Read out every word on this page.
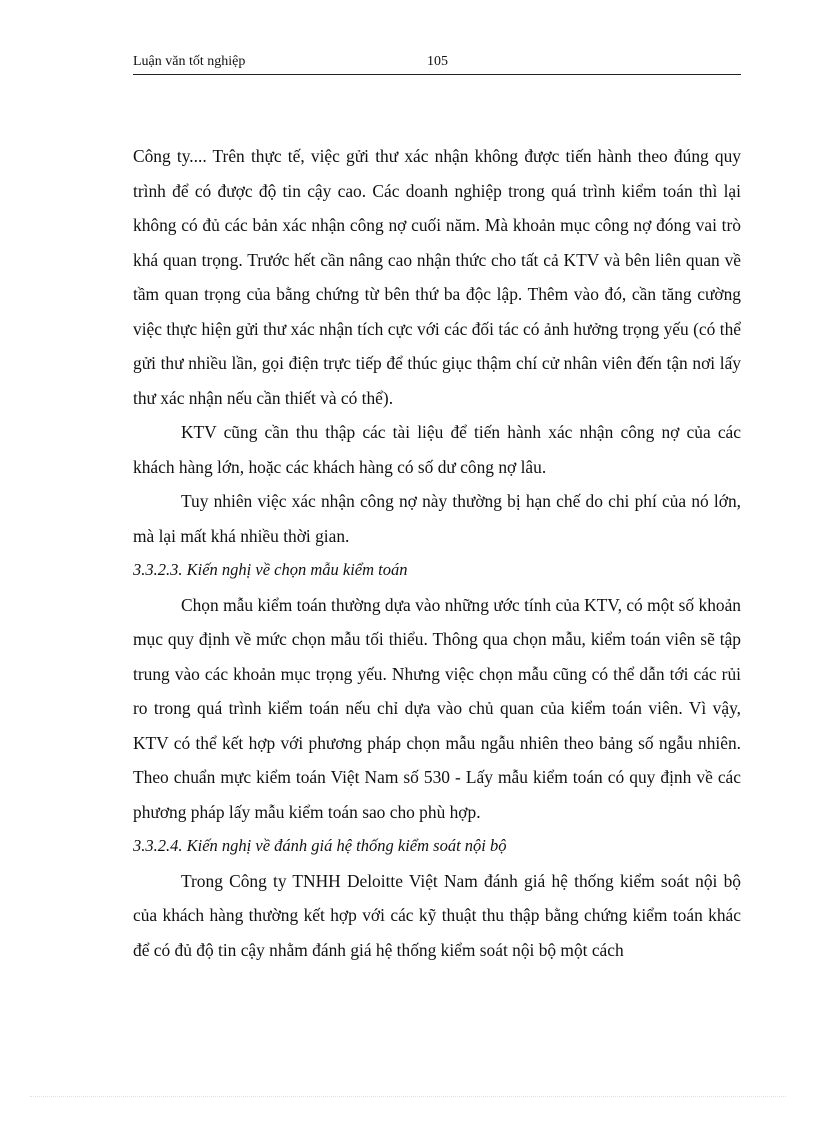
Luận văn tốt nghiệp	105

Công ty.... Trên thực tế, việc gửi thư xác nhận không được tiến hành theo đúng quy trình để có được độ tin cậy cao. Các doanh nghiệp trong quá trình kiểm toán thì lại không có đủ các bản xác nhận công nợ cuối năm. Mà khoản mục công nợ đóng vai trò khá quan trọng. Trước hết cần nâng cao nhận thức cho tất cả KTV và bên liên quan về tầm quan trọng của bằng chứng từ bên thứ ba độc lập. Thêm vào đó, cần tăng cường việc thực hiện gửi thư xác nhận tích cực với các đối tác có ảnh hưởng trọng yếu (có thể gửi thư nhiều lần, gọi điện trực tiếp để thúc giục thậm chí cử nhân viên đến tận nơi lấy thư xác nhận nếu cần thiết và có thể).

KTV cũng cần thu thập các tài liệu để tiến hành xác nhận công nợ của các khách hàng lớn, hoặc các khách hàng có số dư công nợ lâu.

Tuy nhiên việc xác nhận công nợ này thường bị hạn chế do chi phí của nó lớn, mà lại mất khá nhiều thời gian.

3.3.2.3. Kiến nghị về chọn mẫu kiểm toán

Chọn mẫu kiểm toán thường dựa vào những ước tính của KTV, có một số khoản mục quy định về mức chọn mẫu tối thiểu. Thông qua chọn mẫu, kiểm toán viên sẽ tập trung vào các khoản mục trọng yếu. Nhưng việc chọn mẫu cũng có thể dẫn tới các rủi ro trong quá trình kiểm toán nếu chỉ dựa vào chủ quan của kiểm toán viên. Vì vậy, KTV có thể kết hợp với phương pháp chọn mẫu ngẫu nhiên theo bảng số ngẫu nhiên. Theo chuẩn mực kiểm toán Việt Nam số 530 - Lấy mẫu kiểm toán có quy định về các phương pháp lấy mẫu kiểm toán sao cho phù hợp.

3.3.2.4. Kiến nghị về đánh giá hệ thống kiểm soát nội bộ

Trong Công ty TNHH Deloitte Việt Nam đánh giá hệ thống kiểm soát nội bộ của khách hàng thường kết hợp với các kỹ thuật thu thập bằng chứng kiểm toán khác để có đủ độ tin cậy nhằm đánh giá hệ thống kiểm soát nội bộ một cách
